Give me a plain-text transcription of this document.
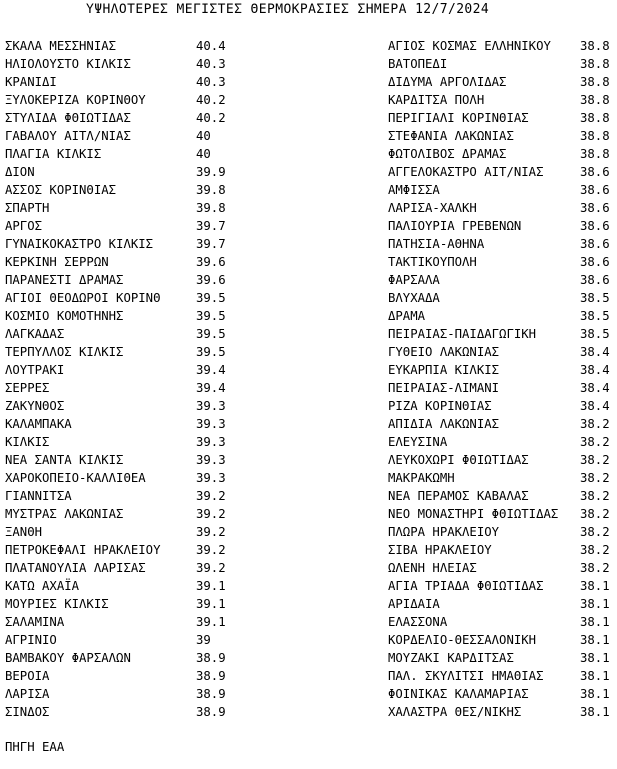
ΥΨΗΛΟΤΕΡΕΣ ΜΕΓΙΣΤΕΣ ΘΕΡΜΟΚΡΑΣΙΕΣ ΣΗΜΕΡΑ 12/7/2024
ΣΚΑΛΑ ΜΕΣΣΗΝΙΑΣ	40.4
ΗΛΙΟΛΟΥΣΤΟ ΚΙΛΚΙΣ	40.3
ΚΡΑΝΙΔΙ	40.3
ΞΥΛΟΚΕΡΙΖΑ ΚΟΡΙΝΘΟΥ	40.2
ΣΤΥΛΙΔΑ ΦΘΙΩΤΙΔΑΣ	40.2
ΓΑΒΑΛΟΥ ΑΙΤΛ/ΝΙΑΣ	40
ΠΛΑΓΙΑ ΚΙΛΚΙΣ	40
ΔΙΟΝ	39.9
ΑΣΣΟΣ ΚΟΡΙΝΘΙΑΣ	39.8
ΣΠΑΡΤΗ	39.8
ΑΡΓΟΣ	39.7
ΓΥΝΑΙΚΟΚΑΣΤΡΟ ΚΙΛΚΙΣ	39.7
ΚΕΡΚΙΝΗ ΣΕΡΡΩΝ	39.6
ΠΑΡΑΝΕΣΤΙ ΔΡΑΜΑΣ	39.6
ΑΓΙΟΙ ΘΕΟΔΩΡΟΙ ΚΟΡΙΝΘ	39.5
ΚΟΣΜΙΟ ΚΟΜΟΤΗΝΗΣ	39.5
ΛΑΓΚΑΔΑΣ	39.5
ΤΕΡΠΥΛΛΟΣ ΚΙΛΚΙΣ	39.5
ΛΟΥΤΡΑΚΙ	39.4
ΣΕΡΡΕΣ	39.4
ΖΑΚΥΝΘΟΣ	39.3
ΚΑΛΑΜΠΑΚΑ	39.3
ΚΙΛΚΙΣ	39.3
ΝΕΑ ΣΑΝΤΑ ΚΙΛΚΙΣ	39.3
ΧΑΡΟΚΟΠΕΙΟ-ΚΑΛΛΙΘΕΑ	39.3
ΓΙΑΝΝΙΤΣΑ	39.2
ΜΥΣΤΡΑΣ ΛΑΚΩΝΙΑΣ	39.2
ΞΑΝΘΗ	39.2
ΠΕΤΡΟΚΕΦΑΛΙ ΗΡΑΚΛΕΙΟΥ	39.2
ΠΛΑΤΑΝΟΥΛΙΑ ΛΑΡΙΣΑΣ	39.2
ΚΑΤΩ ΑΧΑΪΑ	39.1
ΜΟΥΡΙΕΣ ΚΙΛΚΙΣ	39.1
ΣΑΛΑΜΙΝΑ	39.1
ΑΓΡΙΝΙΟ	39
ΒΑΜΒΑΚΟΥ ΦΑΡΣΑΛΩΝ	38.9
ΒΕΡΟΙΑ	38.9
ΛΑΡΙΣΑ	38.9
ΣΙΝΔΟΣ	38.9
ΑΓΙΟΣ ΚΟΣΜΑΣ ΕΛΛΗΝΙΚΟΥ 38.8
ΒΑΤΟΠΕΔΙ	38.8
ΔΙΔΥΜΑ ΑΡΓΟΛΙΔΑΣ	38.8
ΚΑΡΔΙΤΣΑ ΠΟΛΗ	38.8
ΠΕΡΙΓΙΑΛΙ ΚΟΡΙΝΘΙΑΣ	38.8
ΣΤΕΦΑΝΙΑ ΛΑΚΩΝΙΑΣ	38.8
ΦΩΤΟΛΙΒΟΣ ΔΡΑΜΑΣ	38.8
ΑΓΓΕΛΟΚΑΣΤΡΟ ΑΙΤ/ΝΙΑΣ	38.6
ΑΜΦΙΣΣΑ	38.6
ΛΑΡΙΣΑ-ΧΑΛΚΗ	38.6
ΠΑΛΙΟΥΡΙΑ ΓΡΕΒΕΝΩΝ	38.6
ΠΑΤΗΣΙΑ-ΑΘΗΝΑ	38.6
ΤΑΚΤΙΚΟΥΠΟΛΗ	38.6
ΦΑΡΣΑΛΑ	38.6
ΒΛΥΧΑΔΑ	38.5
ΔΡΑΜΑ	38.5
ΠΕΙΡΑΙΑΣ-ΠΑΙΔΑΓΩΓΙΚΗ	38.5
ΓΥΘΕΙΟ ΛΑΚΩΝΙΑΣ	38.4
ΕΥΚΑΡΠΙΑ ΚΙΛΚΙΣ	38.4
ΠΕΙΡΑΙΑΣ-ΛΙΜΑΝΙ	38.4
ΡΙΖΑ ΚΟΡΙΝΘΙΑΣ	38.4
ΑΠΙΔΙΑ ΛΑΚΩΝΙΑΣ	38.2
ΕΛΕΥΣΙΝΑ	38.2
ΛΕΥΚΟΧΩΡΙ ΦΘΙΩΤΙΔΑΣ	38.2
ΜΑΚΡΑΚΩΜΗ	38.2
ΝΕΑ ΠΕΡΑΜΟΣ ΚΑΒΑΛΑΣ	38.2
ΝΕΟ ΜΟΝΑΣΤΗΡΙ ΦΘΙΩΤΙΔΑΣ 38.2
ΠΛΩΡΑ ΗΡΑΚΛΕΙΟΥ	38.2
ΣΙΒΑ ΗΡΑΚΛΕΙΟΥ	38.2
ΩΛΕΝΗ ΗΛΕΙΑΣ	38.2
ΑΓΙΑ ΤΡΙΑΔΑ ΦΘΙΩΤΙΔΑΣ	38.1
ΑΡΙΔΑΙΑ	38.1
ΕΛΑΣΣΟΝΑ	38.1
ΚΟΡΔΕΛΙΟ-ΘΕΣΣΑΛΟΝΙΚΗ	38.1
ΜΟΥΖΑΚΙ ΚΑΡΔΙΤΣΑΣ	38.1
ΠΑΛ. ΣΚΥΛΙΤΣΙ ΗΜΑΘΙΑΣ	38.1
ΦΟΙΝΙΚΑΣ ΚΑΛΑΜΑΡΙΑΣ	38.1
ΧΑΛΑΣΤΡΑ ΘΕΣ/ΝΙΚΗΣ	38.1
ΠΗΓΗ ΕΑΑ
